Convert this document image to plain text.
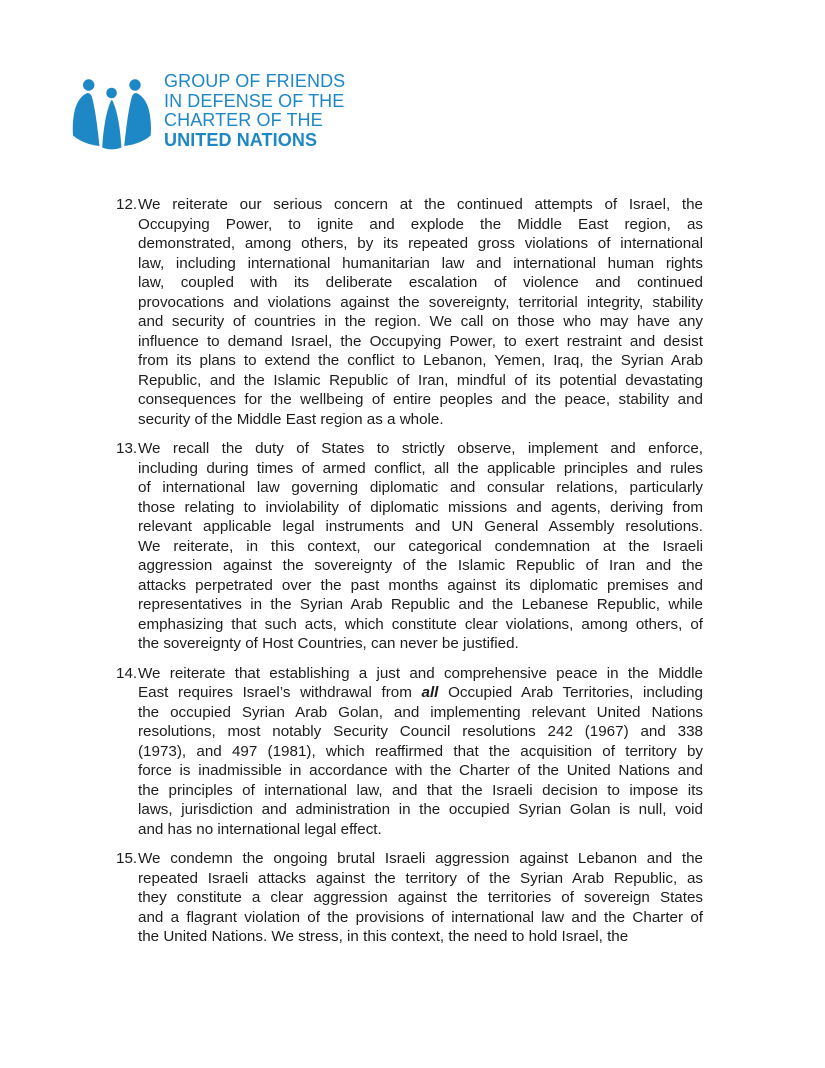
GROUP OF FRIENDS
IN DEFENSE OF THE
CHARTER OF THE
UNITED NATIONS
12. We reiterate our serious concern at the continued attempts of Israel, the
Occupying Power, to ignite and explode the Middle East region, as
demonstrated, among others, by its repeated gross violations of international
law, including international humanitarian law and international human rights
law, coupled with its deliberate escalation of violence and continued
provocations and violations against the sovereignty, territorial integrity, stability
and security of countries in the region. We call on those who may have any
influence to demand Israel, the Occupying Power, to exert restraint and desist
from its plans to extend the conflict to Lebanon, Yemen, Iraq, the Syrian Arab
Republic, and the Islamic Republic of Iran, mindful of its potential devastating
consequences for the wellbeing of entire peoples and the peace, stability and
security of the Middle East region as a whole.
13. We recall the duty of States to strictly observe, implement and enforce,
including during times of armed conflict, all the applicable principles and rules
of international law governing diplomatic and consular relations, particularly
those relating to inviolability of diplomatic missions and agents, deriving from
relevant applicable legal instruments and UN General Assembly resolutions.
We reiterate, in this context, our categorical condemnation at the Israeli
aggression against the sovereignty of the Islamic Republic of Iran and the
attacks perpetrated over the past months against its diplomatic premises and
representatives in the Syrian Arab Republic and the Lebanese Republic, while
emphasizing that such acts, which constitute clear violations, among others, of
the sovereignty of Host Countries, can never be justified.
14. We reiterate that establishing a just and comprehensive peace in the Middle
East requires Israel’s withdrawal from all Occupied Arab Territories, including
the occupied Syrian Arab Golan, and implementing relevant United Nations
resolutions, most notably Security Council resolutions 242 (1967) and 338
(1973), and 497 (1981), which reaffirmed that the acquisition of territory by
force is inadmissible in accordance with the Charter of the United Nations and
the principles of international law, and that the Israeli decision to impose its
laws, jurisdiction and administration in the occupied Syrian Golan is null, void
and has no international legal effect.
15. We condemn the ongoing brutal Israeli aggression against Lebanon and the
repeated Israeli attacks against the territory of the Syrian Arab Republic, as
they constitute a clear aggression against the territories of sovereign States
and a flagrant violation of the provisions of international law and the Charter of
the United Nations. We stress, in this context, the need to hold Israel, the
